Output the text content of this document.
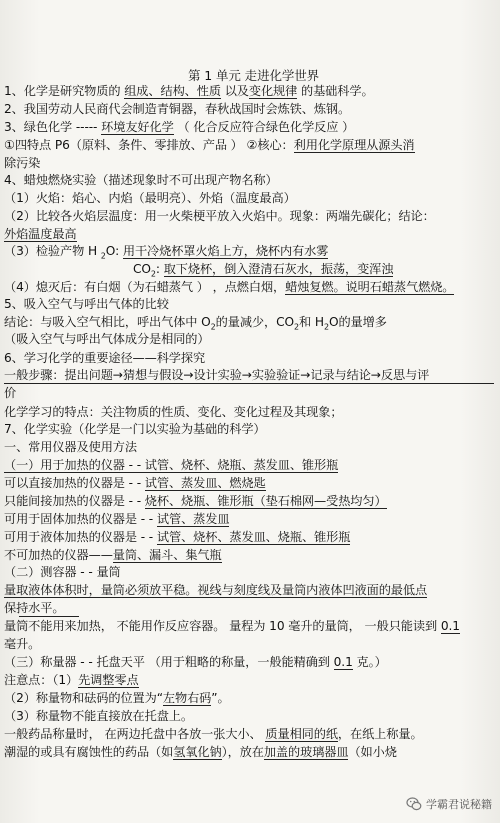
第 1 单元 走进化学世界
1、化学是研究物质的 组成、结构、性质 以及变化规律 的基础科学。
2、我国劳动人民商代会制造青铜器，春秋战国时会炼铁、炼钢。
3、绿色化学 ----- 环境友好化学 （ 化合反应符合绿色化学反应 ）
①四特点 P6（原料、条件、零排放、产品 ） ②核心：利用化学原理从源头消
除污染
4、蜡烛燃烧实验（描述现象时不可出现产物名称）
（1）火焰：焰心、内焰（最明亮）、外焰（温度最高）
（2）比较各火焰层温度：用一火柴梗平放入火焰中。现象：两端先碳化；结论：
外焰温度最高
（3）检验产物 H $_2$O: 用干冷烧杯罩火焰上方，烧杯内有水雾
$CO_2$: 取下烧杯，倒入澄清石灰水，振荡，变浑浊
（4）熄灭后：有白烟（为石蜡蒸气 ） ，点燃白烟，蜡烛复燃。说明石蜡蒸气燃烧。
5、吸入空气与呼出气体的比较
结论：与吸入空气相比，呼出气体中 $O_2$的量减少，$CO_2$和 $H_2O$的量增多
（吸入空气与呼出气体成分是相同的）
6、学习化学的重要途径——科学探究
一般步骤：提出问题→猜想与假设→设计实验→实验验证→记录与结论→反思与评
价
化学学习的特点：关注物质的性质、变化、变化过程及其现象；
7、化学实验（化学是一门以实验为基础的科学）
一、常用仪器及使用方法
（一）用于加热的仪器 - - 试管、烧杯、烧瓶、蒸发皿、锥形瓶
可以直接加热的仪器是 - - 试管、蒸发皿、燃烧匙
只能间接加热的仪器是 - - 烧杯、烧瓶、锥形瓶（垫石棉网—受热均匀）
可用于固体加热的仪器是 - - 试管、蒸发皿
可用于液体加热的仪器是 - - 试管、烧杯、蒸发皿、烧瓶、锥形瓶
不可加热的仪器——量筒、漏斗、集气瓶
（二）测容器 - - 量筒
量取液体体积时，量筒必须放平稳。视线与刻度线及量筒内液体凹液面的最低点
保持水平。
量筒不能用来加热， 不能用作反应容器。 量程为 10 毫升的量筒， 一般只能读到 0.1
毫升。
（三）称量器 - - 托盘天平 （用于粗略的称量，一般能精确到 0.1 克。）
注意点：（1）先调整零点
（2）称量物和砝码的位置为“左物右码”。
（3）称量物不能直接放在托盘上。
一般药品称量时， 在两边托盘中各放一张大小、 质量相同的纸，在纸上称量。
潮湿的或具有腐蚀性的药品（如氢氧化钠），放在加盖的玻璃器皿（如小烧
学霸君说秘籍
